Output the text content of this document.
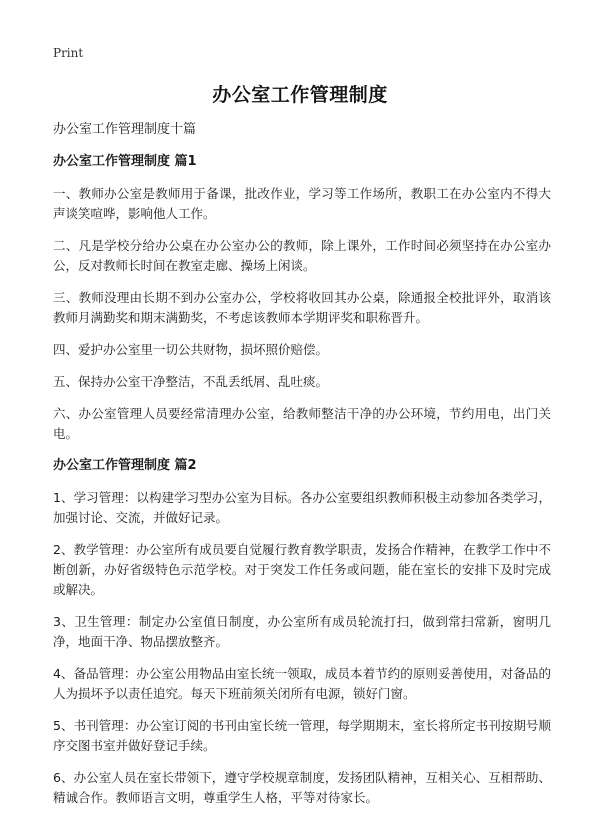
Print
办公室工作管理制度

办公室工作管理制度十篇

办公室工作管理制度 篇1

一、教师办公室是教师用于备课，批改作业，学习等工作场所，教职工在办公室内不得大声谈笑喧哗，影响他人工作。

二、凡是学校分给办公桌在办公室办公的教师，除上课外，工作时间必须坚持在办公室办公，反对教师长时间在教室走廊、操场上闲谈。

三、教师没理由长期不到办公室办公，学校将收回其办公桌，除通报全校批评外，取消该教师月满勤奖和期末满勤奖，不考虑该教师本学期评奖和职称晋升。

四、爱护办公室里一切公共财物，损坏照价赔偿。

五、保持办公室干净整洁，不乱丢纸屑、乱吐痰。

六、办公室管理人员要经常清理办公室，给教师整洁干净的办公环境，节约用电，出门关电。

办公室工作管理制度 篇2

1、学习管理：以构建学习型办公室为目标。各办公室要组织教师积极主动参加各类学习，加强讨论、交流，并做好记录。

2、教学管理：办公室所有成员要自觉履行教育教学职责，发扬合作精神，在教学工作中不断创新，办好省级特色示范学校。对于突发工作任务或问题，能在室长的安排下及时完成或解决。

3、卫生管理：制定办公室值日制度，办公室所有成员轮流打扫，做到常扫常新，窗明几净，地面干净、物品摆放整齐。

4、备品管理：办公室公用物品由室长统一领取，成员本着节约的原则妥善使用，对备品的人为损坏予以责任追究。每天下班前须关闭所有电源，锁好门窗。

5、书刊管理：办公室订阅的书刊由室长统一管理，每学期期末，室长将所定书刊按期号顺序交图书室并做好登记手续。

6、办公室人员在室长带领下，遵守学校规章制度，发扬团队精神，互相关心、互相帮助、精诚合作。教师语言文明，尊重学生人格，平等对待家长。
